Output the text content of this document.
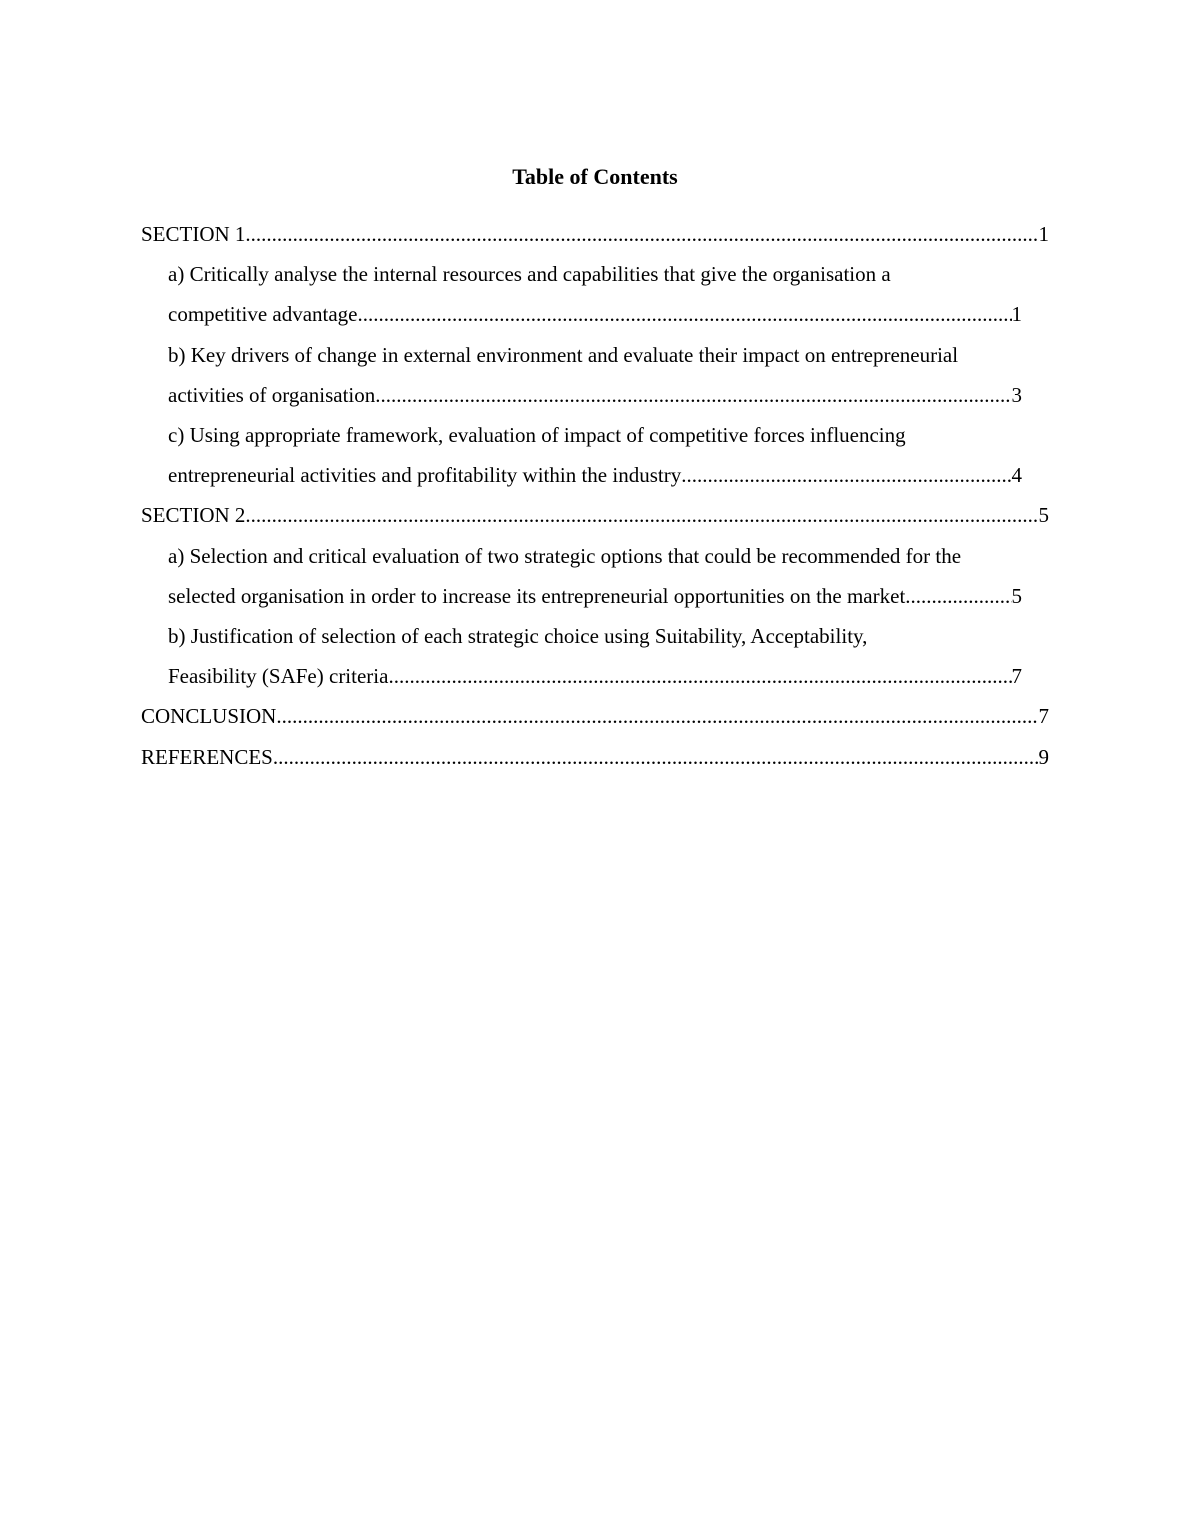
Table of Contents
SECTION 1 .....	1
a) Critically analyse the internal resources and capabilities that give the organisation a
competitive advantage .....	1
b) Key drivers of change in external environment and evaluate their impact on entrepreneurial
activities of organisation .....	3
c) Using appropriate framework, evaluation of impact of competitive forces influencing
entrepreneurial activities and profitability within the industry .....	4
SECTION 2 .....	5
a) Selection and critical evaluation of two strategic options that could be recommended for the
selected organisation in order to increase its entrepreneurial opportunities on the market .....	5
b) Justification of selection of each strategic choice using Suitability, Acceptability,
Feasibility (SAFe) criteria .....	7
CONCLUSION .....	7
REFERENCES .....	9
